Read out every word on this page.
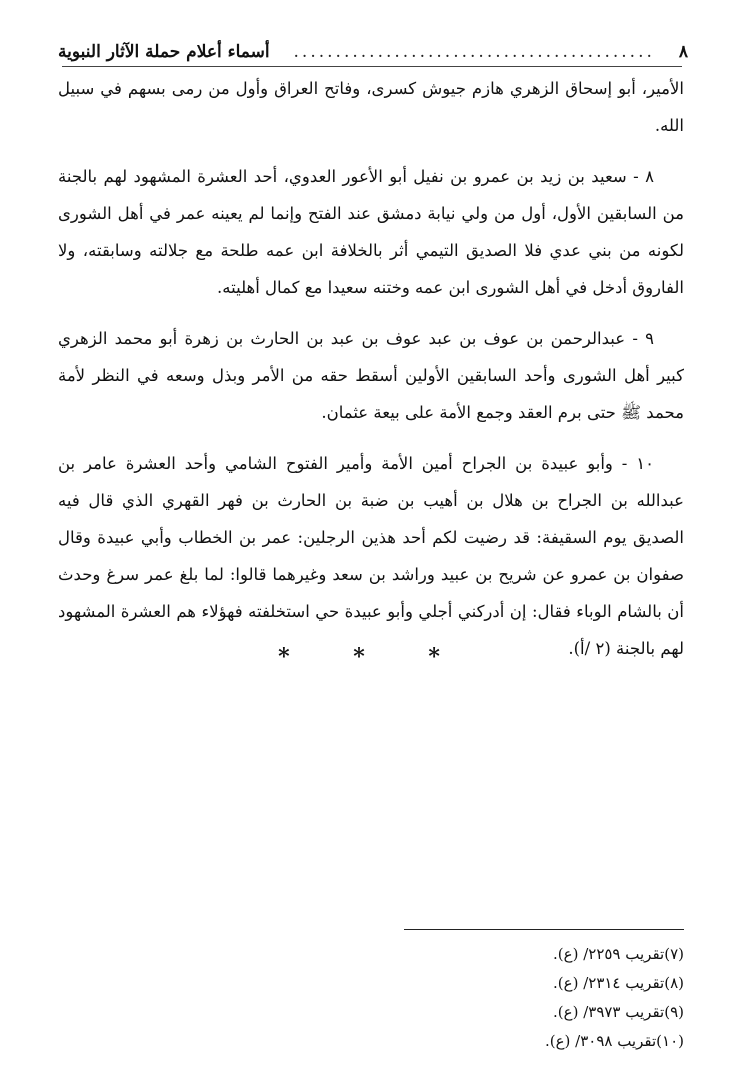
٨
...........................................
أسماء أعلام حملة الآثار النبوية

الأمير، أبو إسحاق الزهري هازم جيوش كسرى، وفاتح العراق وأول من رمى بسهم في سبيل الله.

٨ - سعيد بن زيد بن عمرو بن نفيل أبو الأعور العدوي، أحد العشرة المشهود لهم بالجنة من السابقين الأول، أول من ولي نيابة دمشق عند الفتح وإنما لم يعينه عمر في أهل الشورى لكونه من بني عدي فلا الصديق التيمي أثر بالخلافة ابن عمه طلحة مع جلالته وسابقته، ولا الفاروق أدخل في أهل الشورى ابن عمه وختنه سعيدا مع كمال أهليته.

٩ - عبدالرحمن بن عوف بن عبد عوف بن عبد بن الحارث بن زهرة أبو محمد الزهري كبير أهل الشورى وأحد السابقين الأولين أسقط حقه من الأمر وبذل وسعه في النظر لأمة محمد ﷺ حتى برم العقد وجمع الأمة على بيعة عثمان.

١٠ - وأبو عبيدة بن الجراح أمين الأمة وأمير الفتوح الشامي وأحد العشرة عامر بن عبدالله بن الجراح بن هلال بن أهيب بن ضبة بن الحارث بن فهر القهري الذي قال فيه الصديق يوم السقيفة: قد رضيت لكم أحد هذين الرجلين: عمر بن الخطاب وأبي عبيدة وقال صفوان بن عمرو عن شريح بن عبيد وراشد بن سعد وغيرهما قالوا: لما بلغ عمر سرغ وحدث أن بالشام الوباء فقال: إن أدركني أجلي وأبو عبيدة حي استخلفته فهؤلاء هم العشرة المشهود لهم بالجنة (٢ /أ).

* * *
(٧)تقريب ٢٢٥٩/ (ع).
(٨)تقريب ٢٣١٤/ (ع).
(٩)تقريب ٣٩٧٣/ (ع).
(١٠)تقريب ٣٠٩٨/ (ع).
